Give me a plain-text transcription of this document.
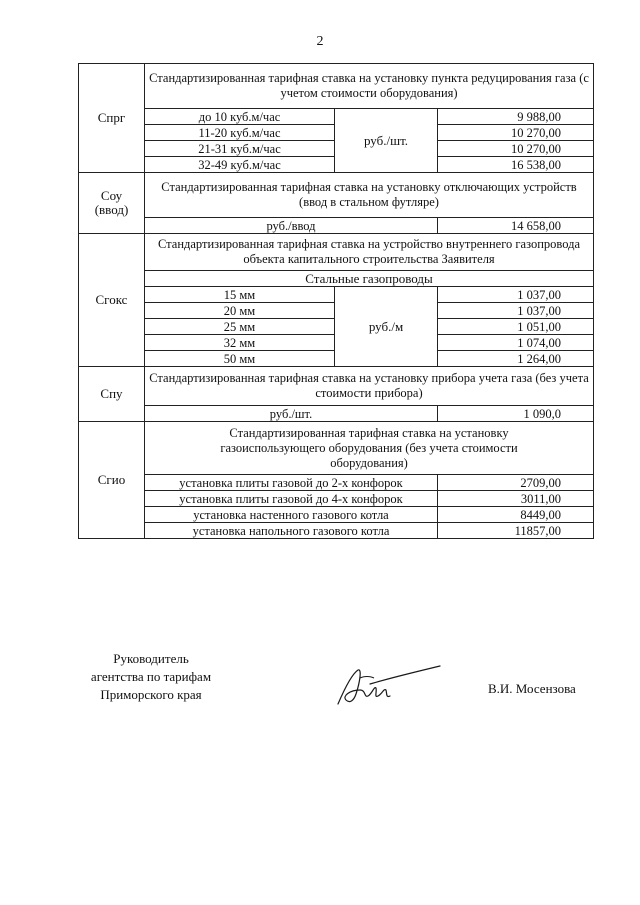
2
Спрг	Стандартизированная тарифная ставка на установку пункта редуцирования газа (с учетом стоимости оборудования)		
	до 10 куб.м/час	руб./шт.	9 988,00
	11-20 куб.м/час		10 270,00
	21-31 куб.м/час		10 270,00
	32-49 куб.м/час		16 538,00

Соу
(ввод)	Стандартизированная тарифная ставка на установку отключающих устройств (ввод в стальном футляре)		
	руб./ввод		14 658,00
Сгокс	Стандартизированная тарифная ставка на устройство внутреннего газопровода объекта капитального строительства Заявителя		
	Стальные газопроводы		
	15 мм	руб./м	1 037,00
	20 мм		1 037,00
	25 мм		1 051,00
	32 мм		1 074,00
	50 мм		1 264,00
Спу	Стандартизированная тарифная ставка на установку прибора учета газа (без учета стоимости прибора)		
	руб./шт.		1 090,0
Сгио	Стандартизированная тарифная ставка на установку газоиспользующего оборудования (без учета стоимости оборудования)		
	установка плиты газовой до 2-х конфорок		2709,00
	установка плиты газовой до 4-х конфорок		3011,00
	установка настенного газового котла		8449,00
	установка напольного газового котла		11857,00
Руководитель
агентства по тарифам
Приморского края	В.И. Мосензова
